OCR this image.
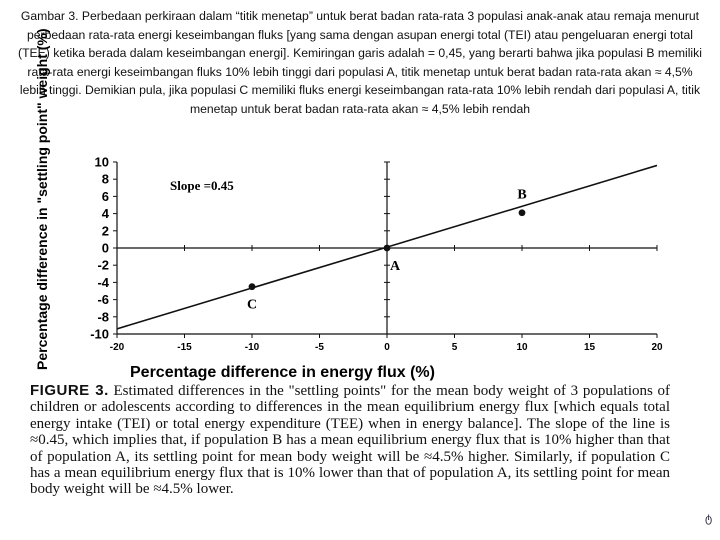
Gambar 3. Perbedaan perkiraan dalam “titik menetap” untuk berat badan rata-rata 3 populasi anak-anak atau remaja menurut perbedaan rata-rata energi keseimbangan fluks [yang sama dengan asupan energi total (TEI) atau pengeluaran energi total (TEE) ketika berada dalam keseimbangan energi]. Kemiringan garis adalah = 0,45, yang berarti bahwa jika populasi B memiliki rata-rata energi keseimbangan fluks 10% lebih tinggi dari populasi A, titik menetap untuk berat badan rata-rata akan ≈ 4,5% lebih tinggi. Demikian pula, jika populasi C memiliki fluks energi keseimbangan rata-rata 10% lebih rendah dari populasi A, titik menetap untuk berat badan rata-rata akan ≈ 4,5% lebih rendah
-10
-8
-6
-4
-2
0
2
4
6
8
10
-20	-15	-10	-5	0	5	10	15	20
C
A
B
Slope =0.45
Percentage difference in energy flux (%)
Percentage difference in "settling point" weight (%)
FIGURE 3. Estimated differences in the "settling points" for the mean body weight of 3 populations of children or adolescents according to differences in the mean equilibrium energy flux [which equals total energy intake (TEI) or total energy expenditure (TEE) when in energy balance]. The slope of the line is ≈0.45, which implies that, if population B has a mean equilibrium energy flux that is 10% higher than that of population A, its settling point for mean body weight will be ≈4.5% higher. Similarly, if population C has a mean equilibrium energy flux that is 10% lower than that of population A, its settling point for mean body weight will be ≈4.5% lower.
ტ
